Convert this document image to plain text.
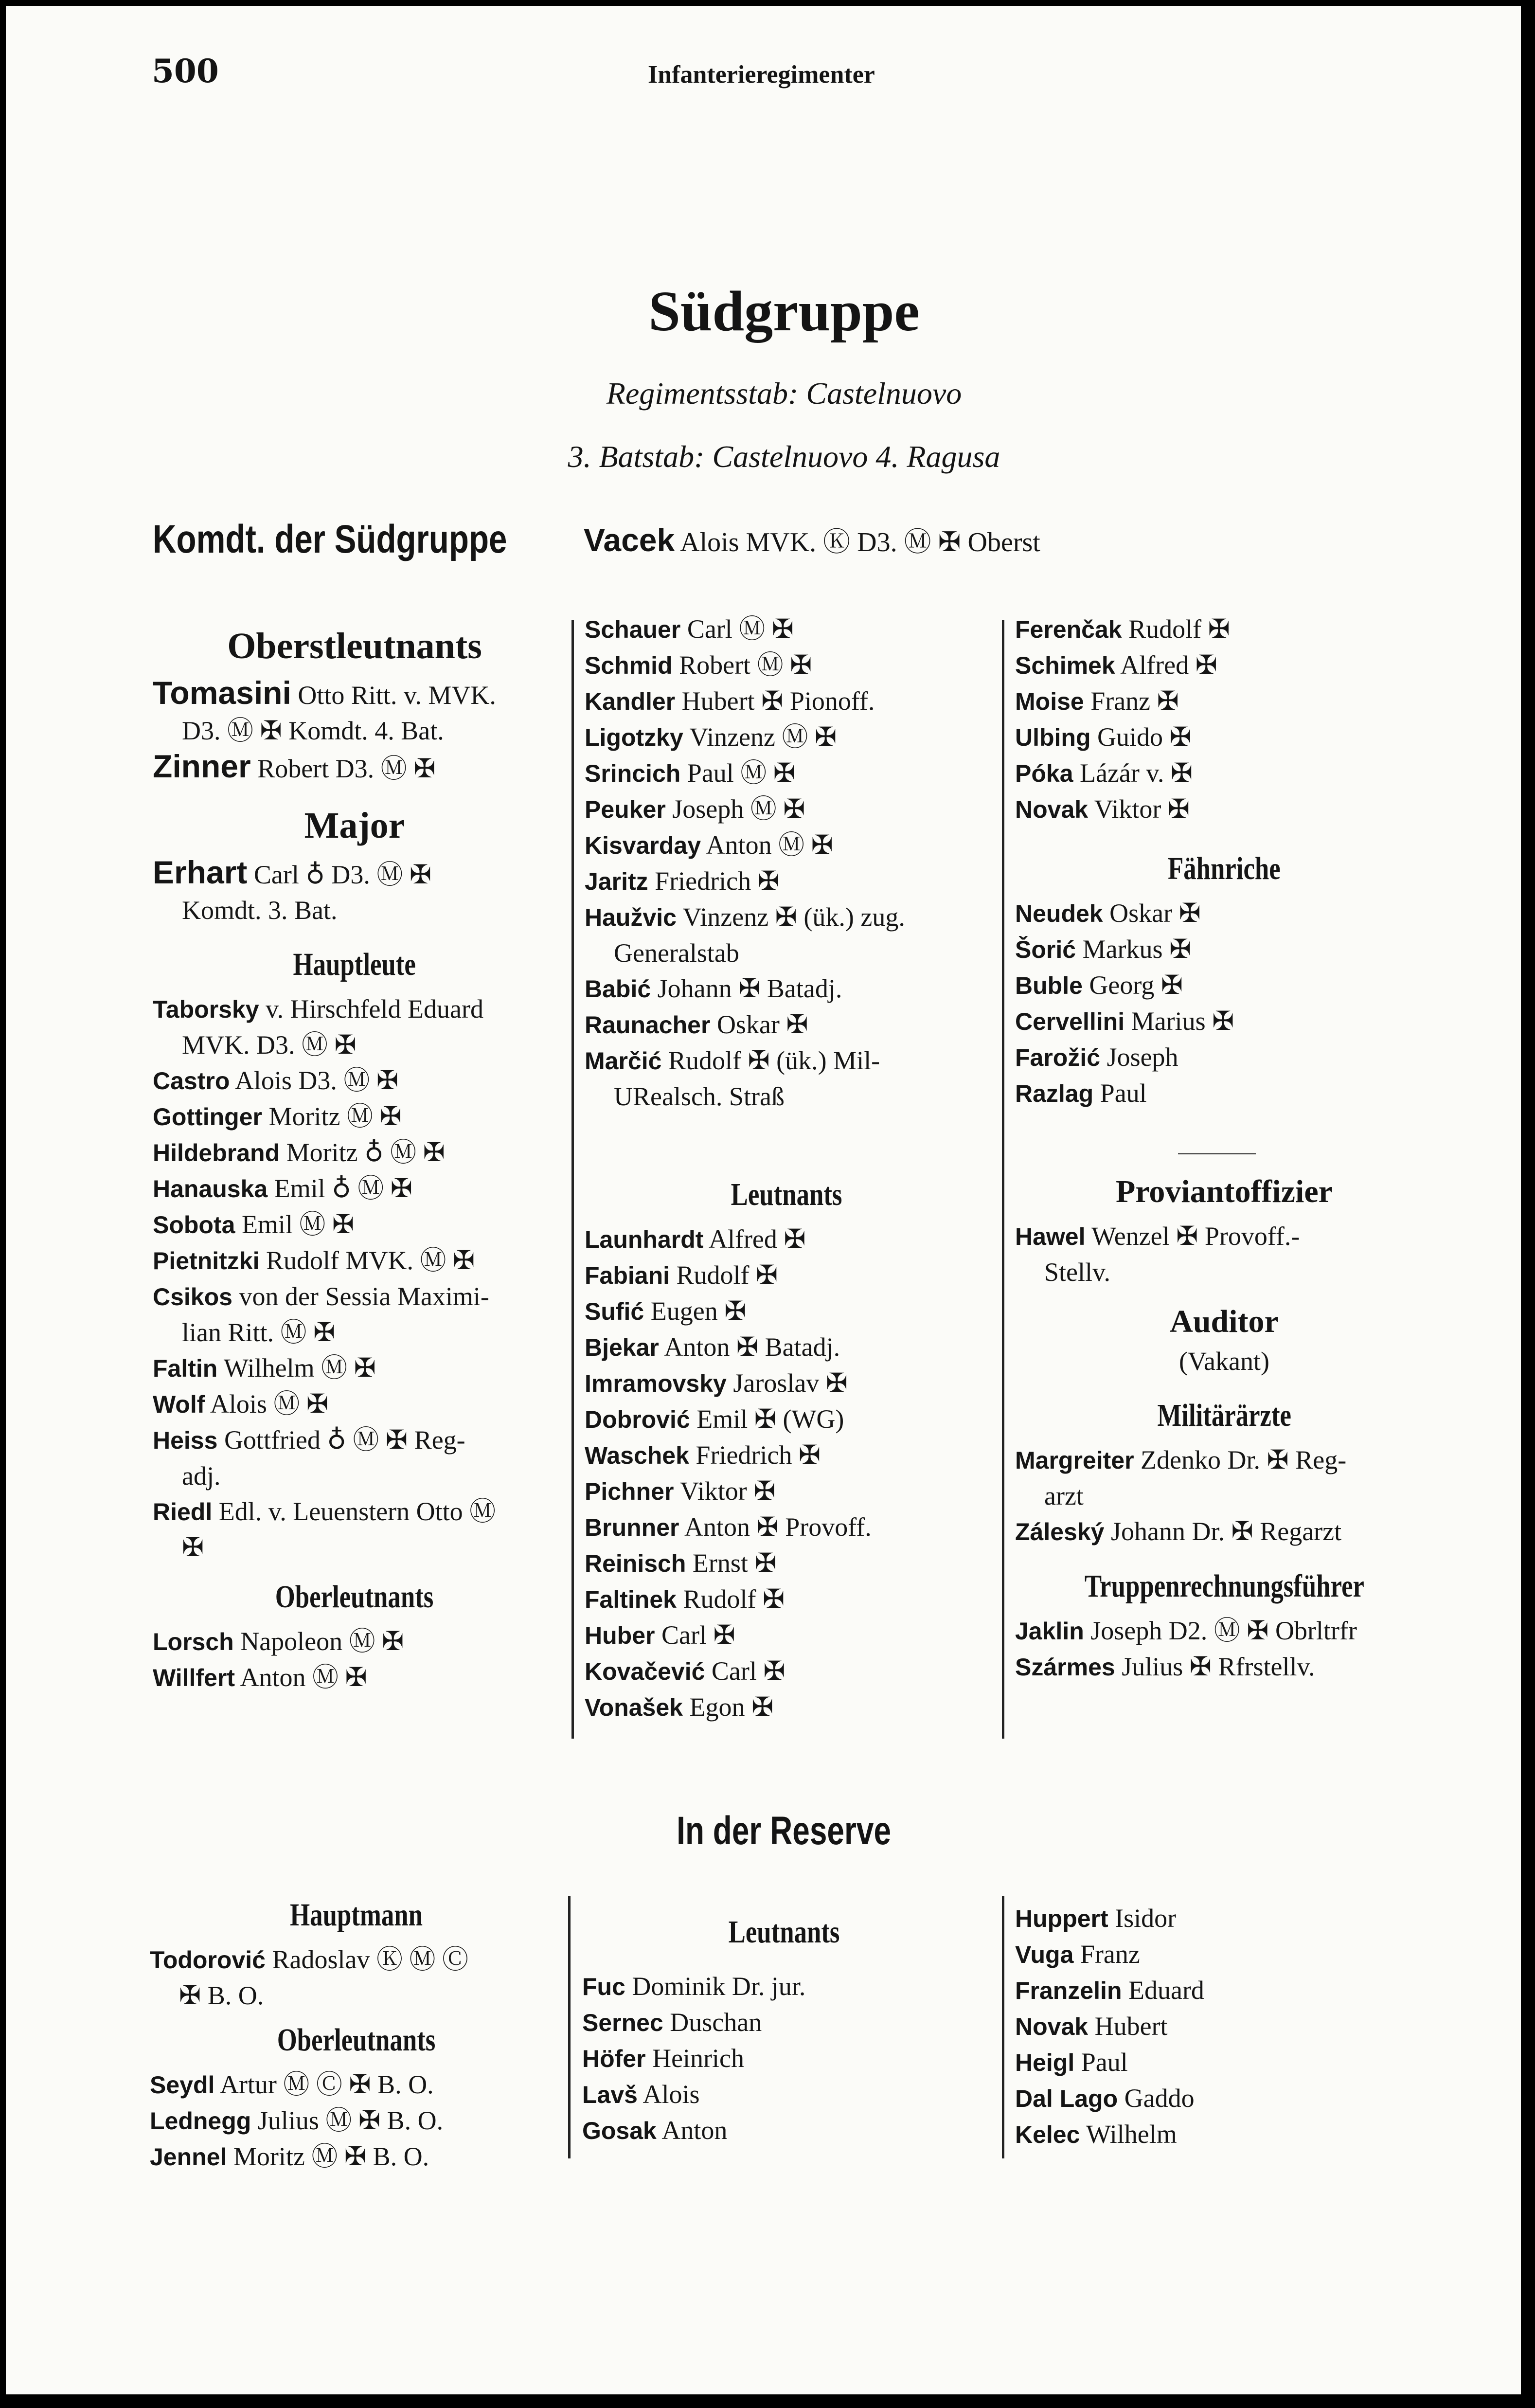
500	Infanterieregimenter
Südgruppe
Regimentsstab: Castelnuovo
3. Batstab: Castelnuovo 4. Ragusa
Komdt. der Südgruppe Vacek Alois MVK. Ⓚ D3. Ⓜ ✠ Oberst
Oberstleutnants
Tomasini Otto Ritt. v. MVK.
D3. Ⓜ ✠ Komdt. 4. Bat.
Zinner Robert D3. Ⓜ ✠
Major
Erhart Carl ♁ D3. Ⓜ ✠
Komdt. 3. Bat.
Hauptleute
Taborsky v. Hirschfeld Eduard
MVK. D3. Ⓜ ✠
Castro Alois D3. Ⓜ ✠
Gottinger Moritz Ⓜ ✠
Hildebrand Moritz ♁ Ⓜ ✠
Hanauska Emil ♁ Ⓜ ✠
Sobota Emil Ⓜ ✠
Pietnitzki Rudolf MVK. Ⓜ ✠
Csikos von der Sessia Maximi-
lian Ritt. Ⓜ ✠
Faltin Wilhelm Ⓜ ✠
Wolf Alois Ⓜ ✠
Heiss Gottfried ♁ Ⓜ ✠ Reg-
adj.
Riedl Edl. v. Leuenstern Otto Ⓜ
✠
Oberleutnants
Lorsch Napoleon Ⓜ ✠
Willfert Anton Ⓜ ✠
Schauer Carl Ⓜ ✠
Schmid Robert Ⓜ ✠
Kandler Hubert ✠ Pionoff.
Ligotzky Vinzenz Ⓜ ✠
Srincich Paul Ⓜ ✠
Peuker Joseph Ⓜ ✠
Kisvarday Anton Ⓜ ✠
Jaritz Friedrich ✠
Haužvic Vinzenz ✠ (ük.) zug.
Generalstab
Babić Johann ✠ Batadj.
Raunacher Oskar ✠
Marčić Rudolf ✠ (ük.) Mil-
URealsch. Straß
Leutnants
Launhardt Alfred ✠
Fabiani Rudolf ✠
Sufić Eugen ✠
Bjekar Anton ✠ Batadj.
Imramovsky Jaroslav ✠
Dobrović Emil ✠ (WG)
Waschek Friedrich ✠
Pichner Viktor ✠
Brunner Anton ✠ Provoff.
Reinisch Ernst ✠
Faltinek Rudolf ✠
Huber Carl ✠
Kovačević Carl ✠
Vonašek Egon ✠
Ferenčak Rudolf ✠
Schimek Alfred ✠
Moise Franz ✠
Ulbing Guido ✠
Póka Lázár v. ✠
Novak Viktor ✠
Fähnriche
Neudek Oskar ✠
Šorić Markus ✠
Buble Georg ✠
Cervellini Marius ✠
Farožić Joseph
Razlag Paul
Proviantoffizier
Hawel Wenzel ✠ Provoff.-
Stellv.
Auditor
(Vakant)
Militärärzte
Margreiter Zdenko Dr. ✠ Reg-
arzt
Záleský Johann Dr. ✠ Regarzt
Truppenrechnungsführer
Jaklin Joseph D2. Ⓜ ✠ Obrltrfr
Szármes Julius ✠ Rfrstellv.
In der Reserve
Hauptmann
Todorović Radoslav Ⓚ Ⓜ Ⓒ
✠ B. O.
Oberleutnants
Seydl Artur Ⓜ Ⓒ ✠ B. O.
Lednegg Julius Ⓜ ✠ B. O.
Jennel Moritz Ⓜ ✠ B. O.
Leutnants
Fuc Dominik Dr. jur.
Sernec Duschan
Höfer Heinrich
Lavš Alois
Gosak Anton
Huppert Isidor
Vuga Franz
Franzelin Eduard
Novak Hubert
Heigl Paul
Dal Lago Gaddo
Kelec Wilhelm
